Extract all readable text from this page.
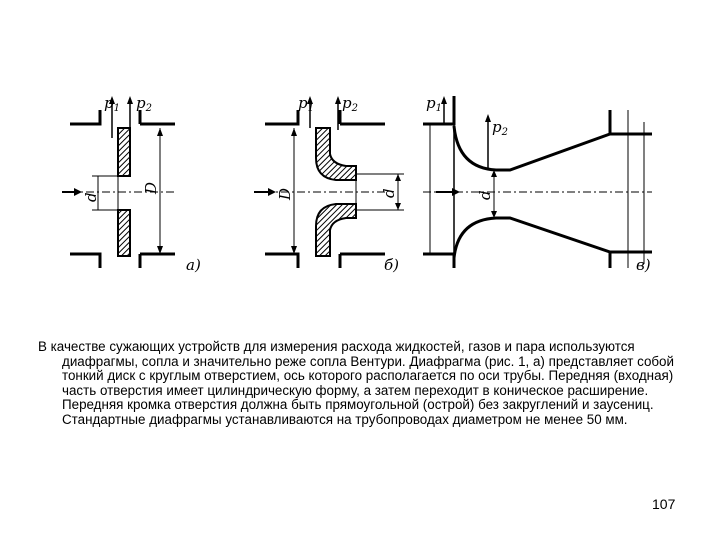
$p_1$ $p_2$
d
D
а)
$p_1$ $p_2$
D	d
б)
$p_1$
$p_2$
d
в)

В качестве сужающих устройств для измерения расхода жидкостей, газов и пара используются диафрагмы, сопла и значительно реже сопла Вентури. Диафрагма (рис. 1, а) представляет собой тонкий диск с круглым отверстием, ось которого располагается по оси трубы. Передняя (входная) часть отверстия имеет цилиндрическую форму, а затем переходит в коническое расширение. Передняя кромка отверстия должна быть прямоугольной (острой) без закруглений и заусениц. Стандартные диафрагмы устанавливаются на трубопроводах диаметром не менее 50 мм.

107
